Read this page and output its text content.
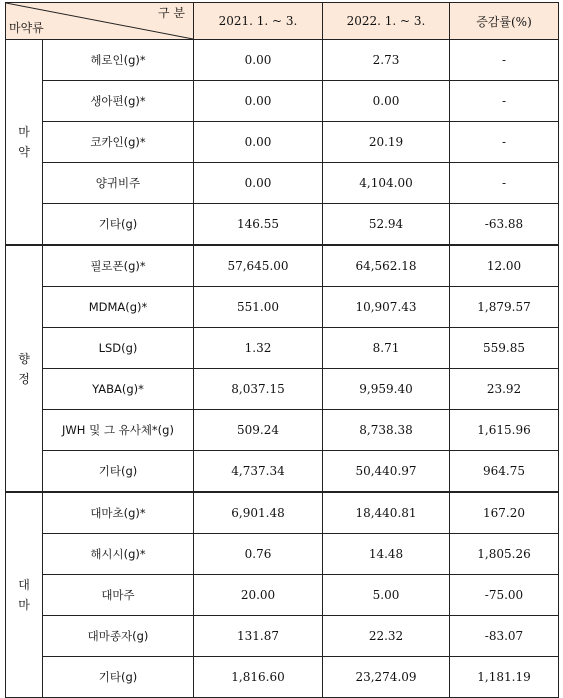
구 분
마약류		2021. 1. ~ 3.	2022. 1. ~ 3.	증감률(%)

마
약	헤로인(g)*	0.00	2.73	-
	생아편(g)*	0.00	0.00	-
	코카인(g)*	0.00	20.19	-
	양귀비주	0.00	4,104.00	-
	기타(g)	146.55	52.94	-63.88

향
정	필로폰(g)*	57,645.00	64,562.18	12.00
	MDMA(g)*	551.00	10,907.43	1,879.57
	LSD(g)	1.32	8.71	559.85
	YABA(g)*	8,037.15	9,959.40	23.92
	JWH 및 그 유사체*(g)	509.24	8,738.38	1,615.96
	기타(g)	4,737.34	50,440.97	964.75

대
마	대마초(g)*	6,901.48	18,440.81	167.20
	해시시(g)*	0.76	14.48	1,805.26
	대마주	20.00	5.00	-75.00
	대마종자(g)	131.87	22.32	-83.07
	기타(g)	1,816.60	23,274.09	1,181.19
